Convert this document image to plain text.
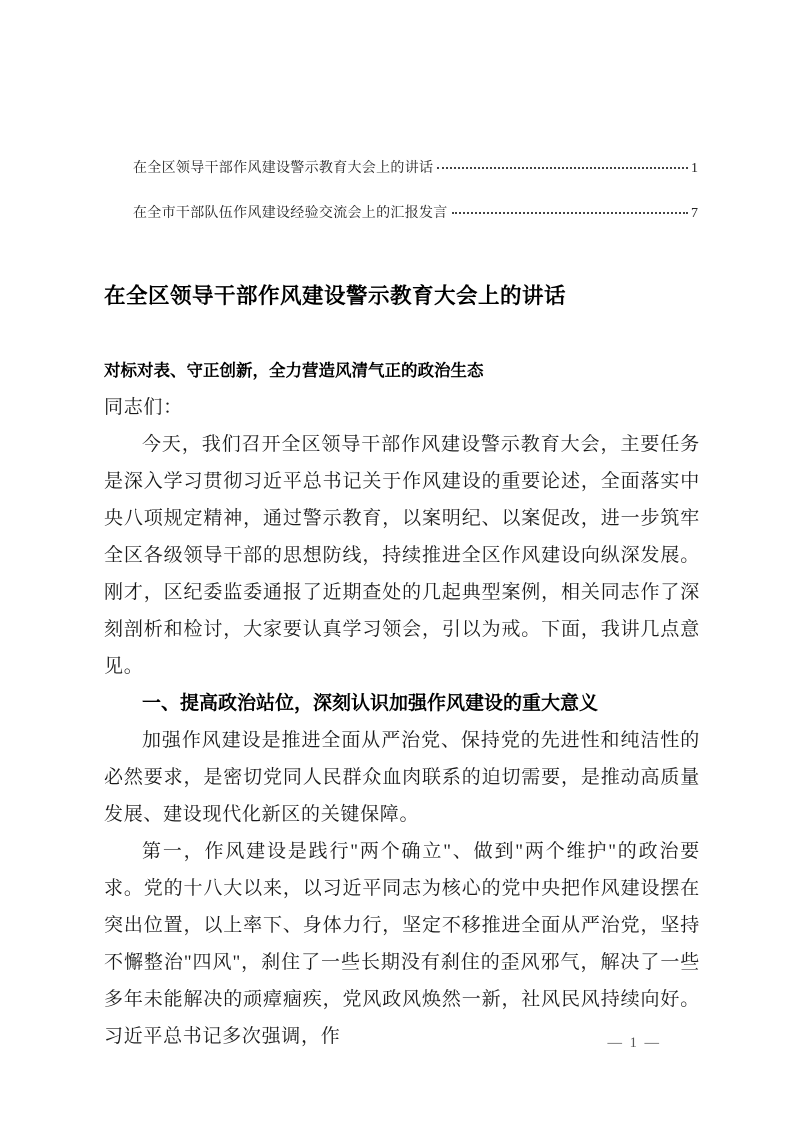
在全区领导干部作风建设警示教育大会上的讲话	1
在全市干部队伍作风建设经验交流会上的汇报发言	7
在全区领导干部作风建设警示教育大会上的讲话
对标对表、守正创新，全力营造风清气正的政治生态

同志们：

今天，我们召开全区领导干部作风建设警示教育大会，主要任务是深入学习贯彻习近平总书记关于作风建设的重要论述，全面落实中央八项规定精神，通过警示教育，以案明纪、以案促改，进一步筑牢全区各级领导干部的思想防线，持续推进全区作风建设向纵深发展。刚才，区纪委监委通报了近期查处的几起典型案例，相关同志作了深刻剖析和检讨，大家要认真学习领会，引以为戒。下面，我讲几点意见。

一、提高政治站位，深刻认识加强作风建设的重大意义

加强作风建设是推进全面从严治党、保持党的先进性和纯洁性的必然要求，是密切党同人民群众血肉联系的迫切需要，是推动高质量发展、建设现代化新区的关键保障。

第一，作风建设是践行"两个确立"、做到"两个维护"的政治要求。党的十八大以来，以习近平同志为核心的党中央把作风建设摆在突出位置，以上率下、身体力行，坚定不移推进全面从严治党，坚持不懈整治"四风"，刹住了一些长期没有刹住的歪风邪气，解决了一些多年未能解决的顽瘴痼疾，党风政风焕然一新，社风民风持续向好。习近平总书记多次强调，作	— 1 —
